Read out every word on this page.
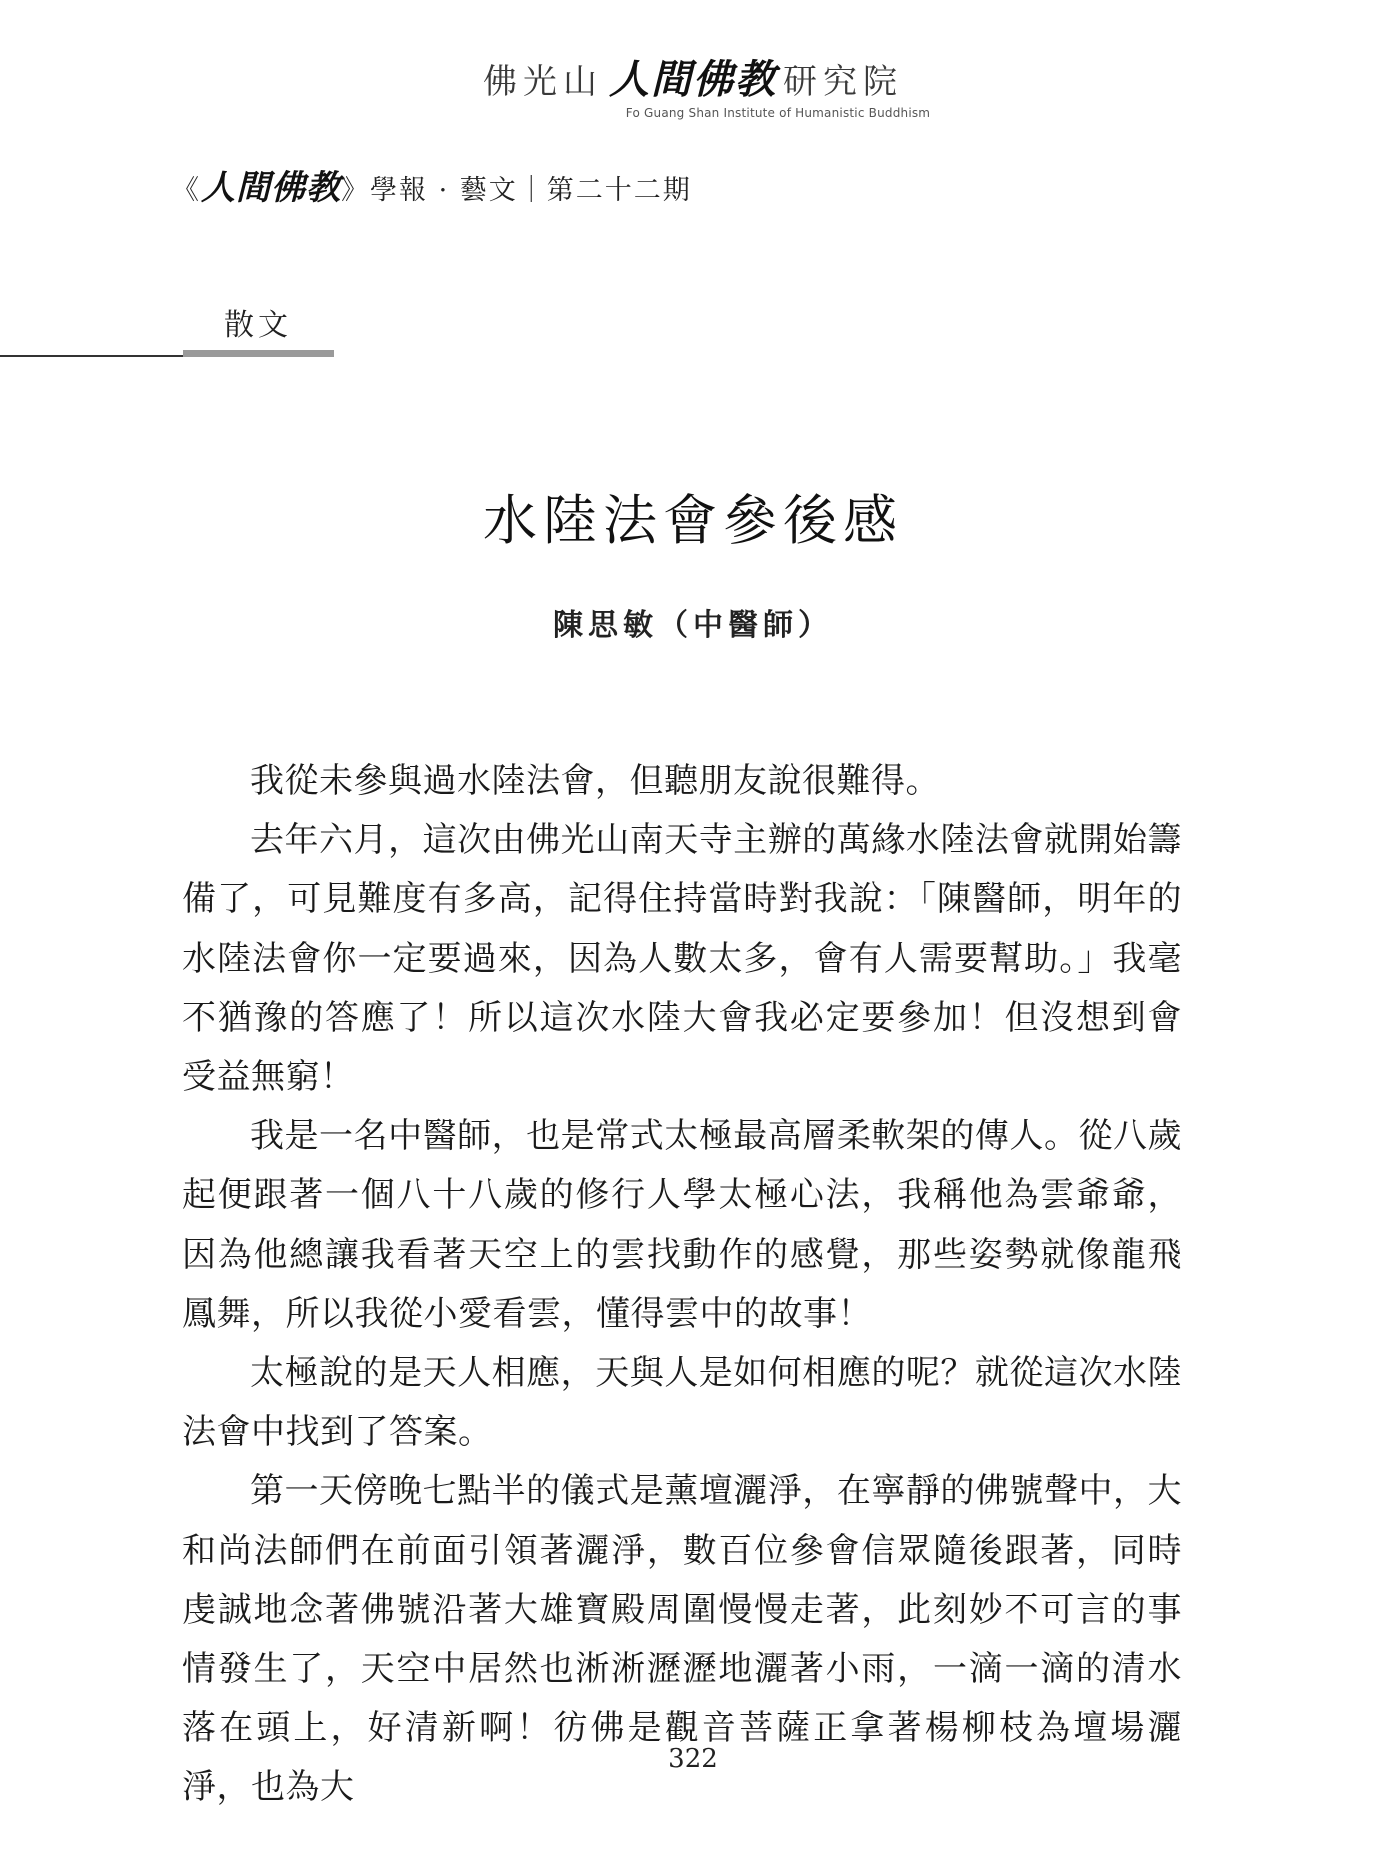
佛光山 人間佛教 研究院
Fo Guang Shan Institute of Humanistic Buddhism
《人間佛教》學報 · 藝文｜第二十二期
散文
水陸法會參後感
陳思敏（中醫師）

我從未參與過水陸法會，但聽朋友說很難得。

去年六月，這次由佛光山南天寺主辦的萬緣水陸法會就開始籌備了，可見難度有多高，記得住持當時對我說：「陳醫師，明年的水陸法會你一定要過來，因為人數太多，會有人需要幫助。」我毫不猶豫的答應了！所以這次水陸大會我必定要參加！但沒想到會受益無窮！

我是一名中醫師，也是常式太極最高層柔軟架的傳人。從八歲起便跟著一個八十八歲的修行人學太極心法，我稱他為雲爺爺，因為他總讓我看著天空上的雲找動作的感覺，那些姿勢就像龍飛鳳舞，所以我從小愛看雲，懂得雲中的故事！

太極說的是天人相應，天與人是如何相應的呢？就從這次水陸法會中找到了答案。

第一天傍晚七點半的儀式是薰壇灑淨，在寧靜的佛號聲中，大和尚法師們在前面引領著灑淨，數百位參會信眾隨後跟著，同時虔誠地念著佛號沿著大雄寶殿周圍慢慢走著，此刻妙不可言的事情發生了，天空中居然也淅淅瀝瀝地灑著小雨，一滴一滴的清水落在頭上，好清新啊！彷佛是觀音菩薩正拿著楊柳枝為壇場灑淨，也為大

322
